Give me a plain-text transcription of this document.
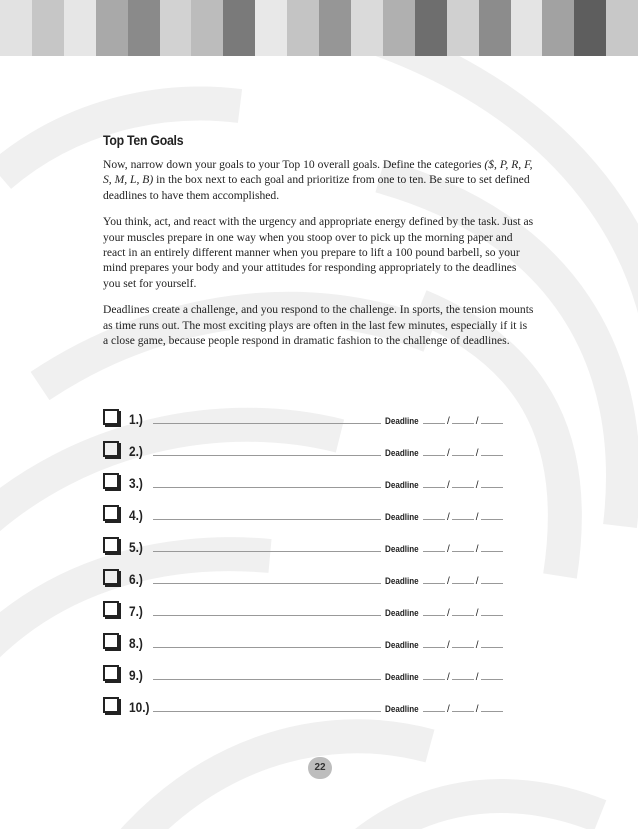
Top Ten Goals

Now, narrow down your goals to your Top 10 overall goals. Define the categories ($, P, R, F, S, M, L, B) in the box next to each goal and prioritize from one to ten. Be sure to set defined deadlines to have them accomplished.

You think, act, and react with the urgency and appropriate energy defined by the task. Just as your muscles prepare in one way when you stoop over to pick up the morning paper and react in an entirely different manner when you prepare to lift a 100 pound barbell, so your mind prepares your body and your attitudes for responding appropriately to the deadlines you set for yourself.

Deadlines create a challenge, and you respond to the challenge. In sports, the tension mounts as time runs out. The most exciting plays are often in the last few minutes, especially if it is a close game, because people respond in dramatic fashion to the challenge of deadlines.

1.)	Deadline	/	/
2.)	Deadline	/	/
3.)	Deadline	/	/
4.)	Deadline	/	/
5.)	Deadline	/	/
6.)	Deadline	/	/
7.)	Deadline	/	/
8.)	Deadline	/	/
9.)	Deadline	/	/
10.)	Deadline	/	/
22
